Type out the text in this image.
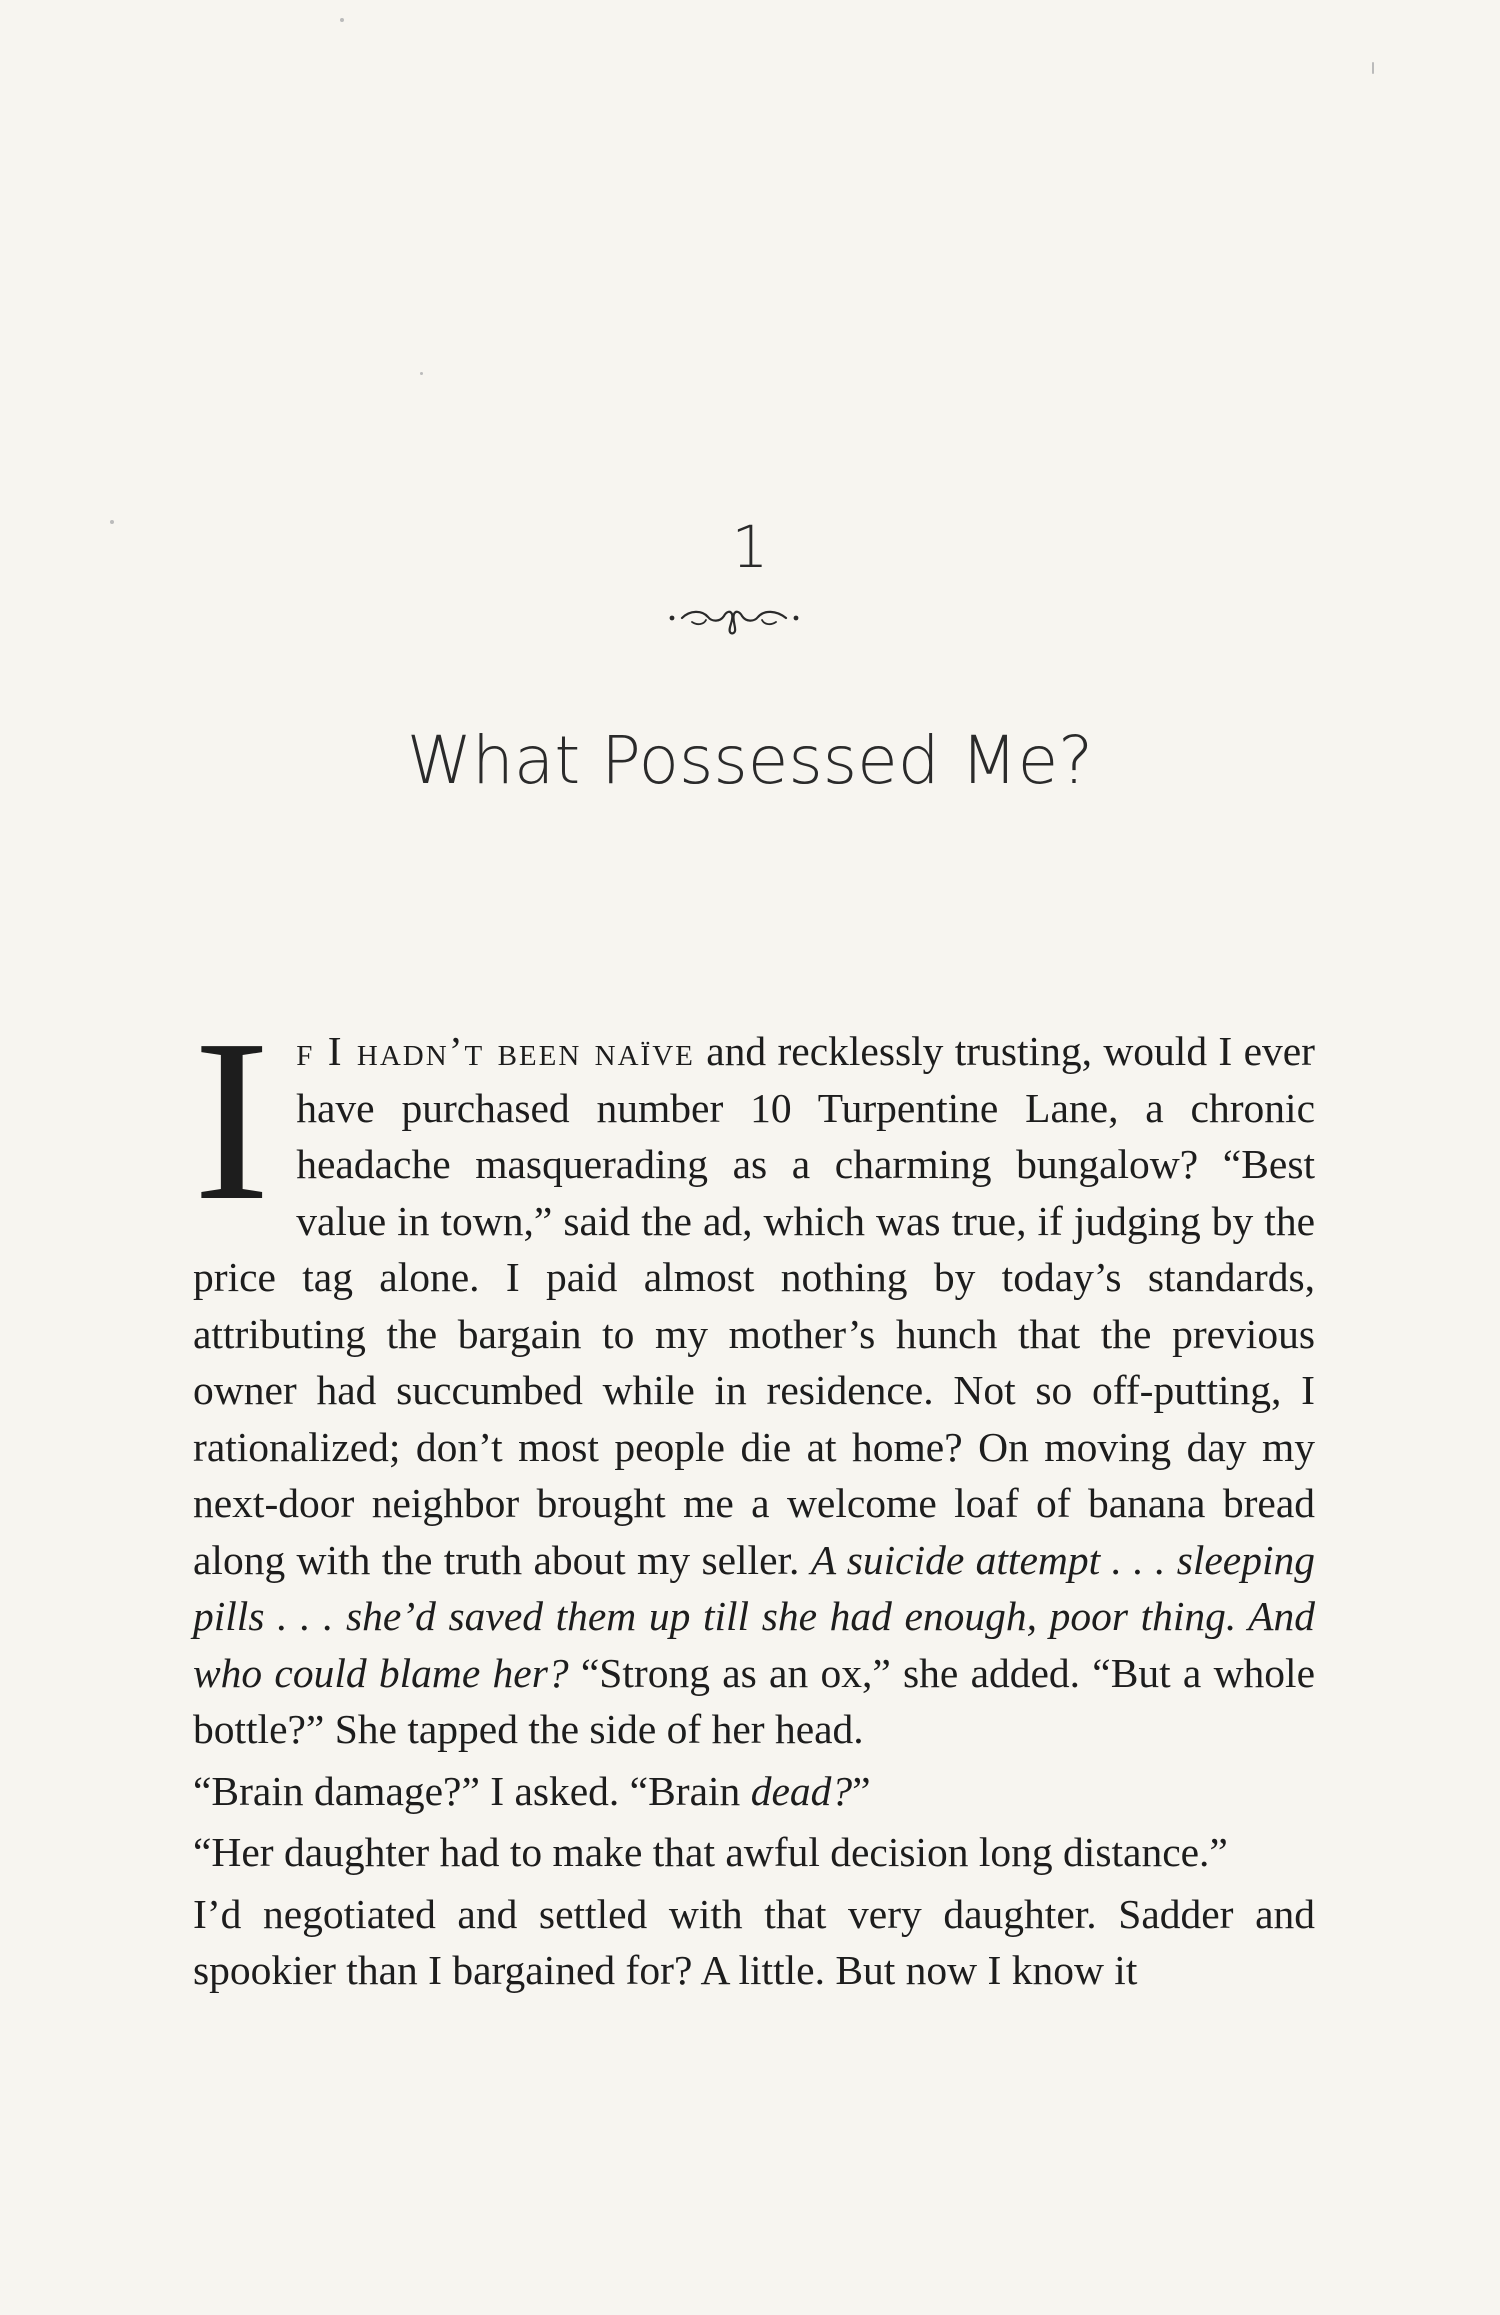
1
What Possessed Me?

If I hadn’t been naïve and recklessly trusting, would I ever have purchased number 10 Turpentine Lane, a chronic headache masquerading as a charming bungalow? “Best value in town,” said the ad, which was true, if judging by the price tag alone. I paid almost nothing by today’s standards, attributing the bargain to my mother’s hunch that the previous owner had succumbed while in residence. Not so off-putting, I rationalized; don’t most people die at home? On moving day my next-door neighbor brought me a welcome loaf of banana bread along with the truth about my seller. A suicide attempt . . . sleeping pills . . . she’d saved them up till she had enough, poor thing. And who could blame her? “Strong as an ox,” she added. “But a whole bottle?” She tapped the side of her head.

“Brain damage?” I asked. “Brain dead?”

“Her daughter had to make that awful decision long distance.”

I’d negotiated and settled with that very daughter. Sadder and spookier than I bargained for? A little. But now I know it
